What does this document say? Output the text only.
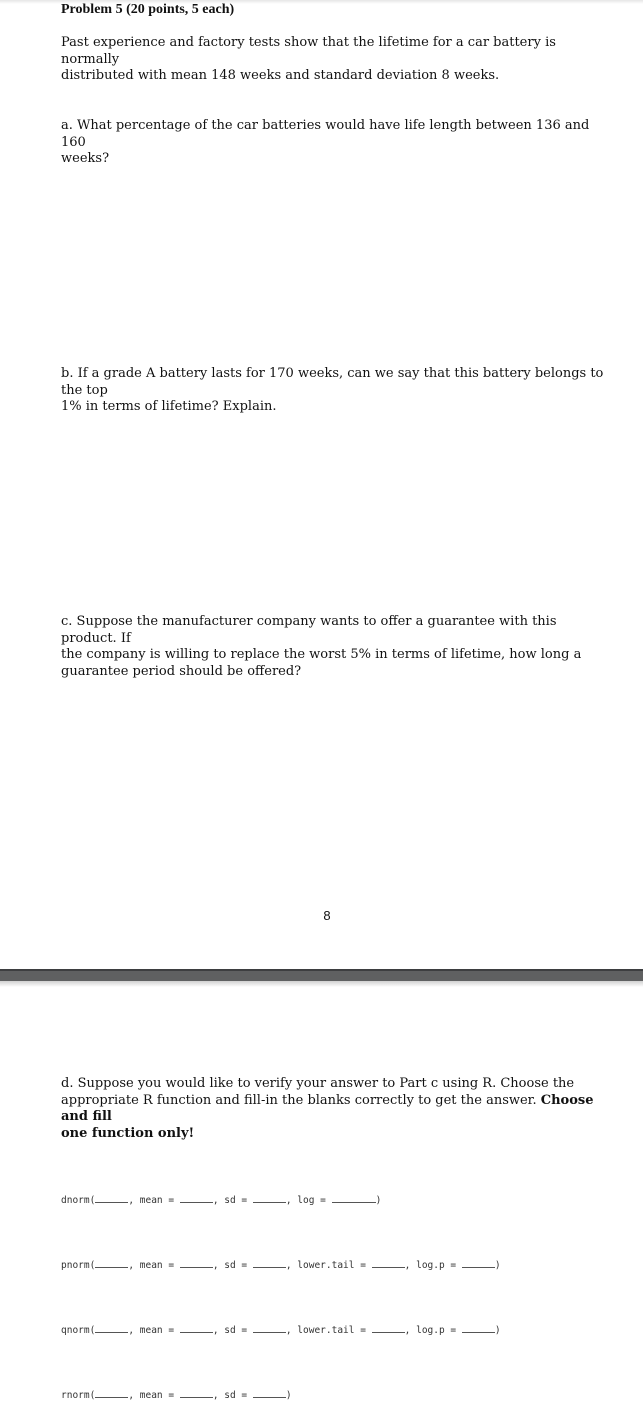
Problem 5 (20 points, 5 each)

Past experience and factory tests show that the lifetime for a car battery is normally
distributed with mean 148 weeks and standard deviation 8 weeks.

a. What percentage of the car batteries would have life length between 136 and 160
weeks?

b. If a grade A battery lasts for 170 weeks, can we say that this battery belongs to the top
1% in terms of lifetime? Explain.

c. Suppose the manufacturer company wants to offer a guarantee with this product. If
the company is willing to replace the worst 5% in terms of lifetime, how long a
guarantee period should be offered?

8

d. Suppose you would like to verify your answer to Part c using R. Choose the
appropriate R function and fill-in the blanks correctly to get the answer. Choose and fill
one function only!

dnorm(	, mean =	, sd =	, log =	)
pnorm(	, mean =	, sd =	, lower.tail =	, log.p =	)
qnorm(	, mean =	, sd =	, lower.tail =	, log.p =	)
rnorm(	, mean =	, sd =	)
